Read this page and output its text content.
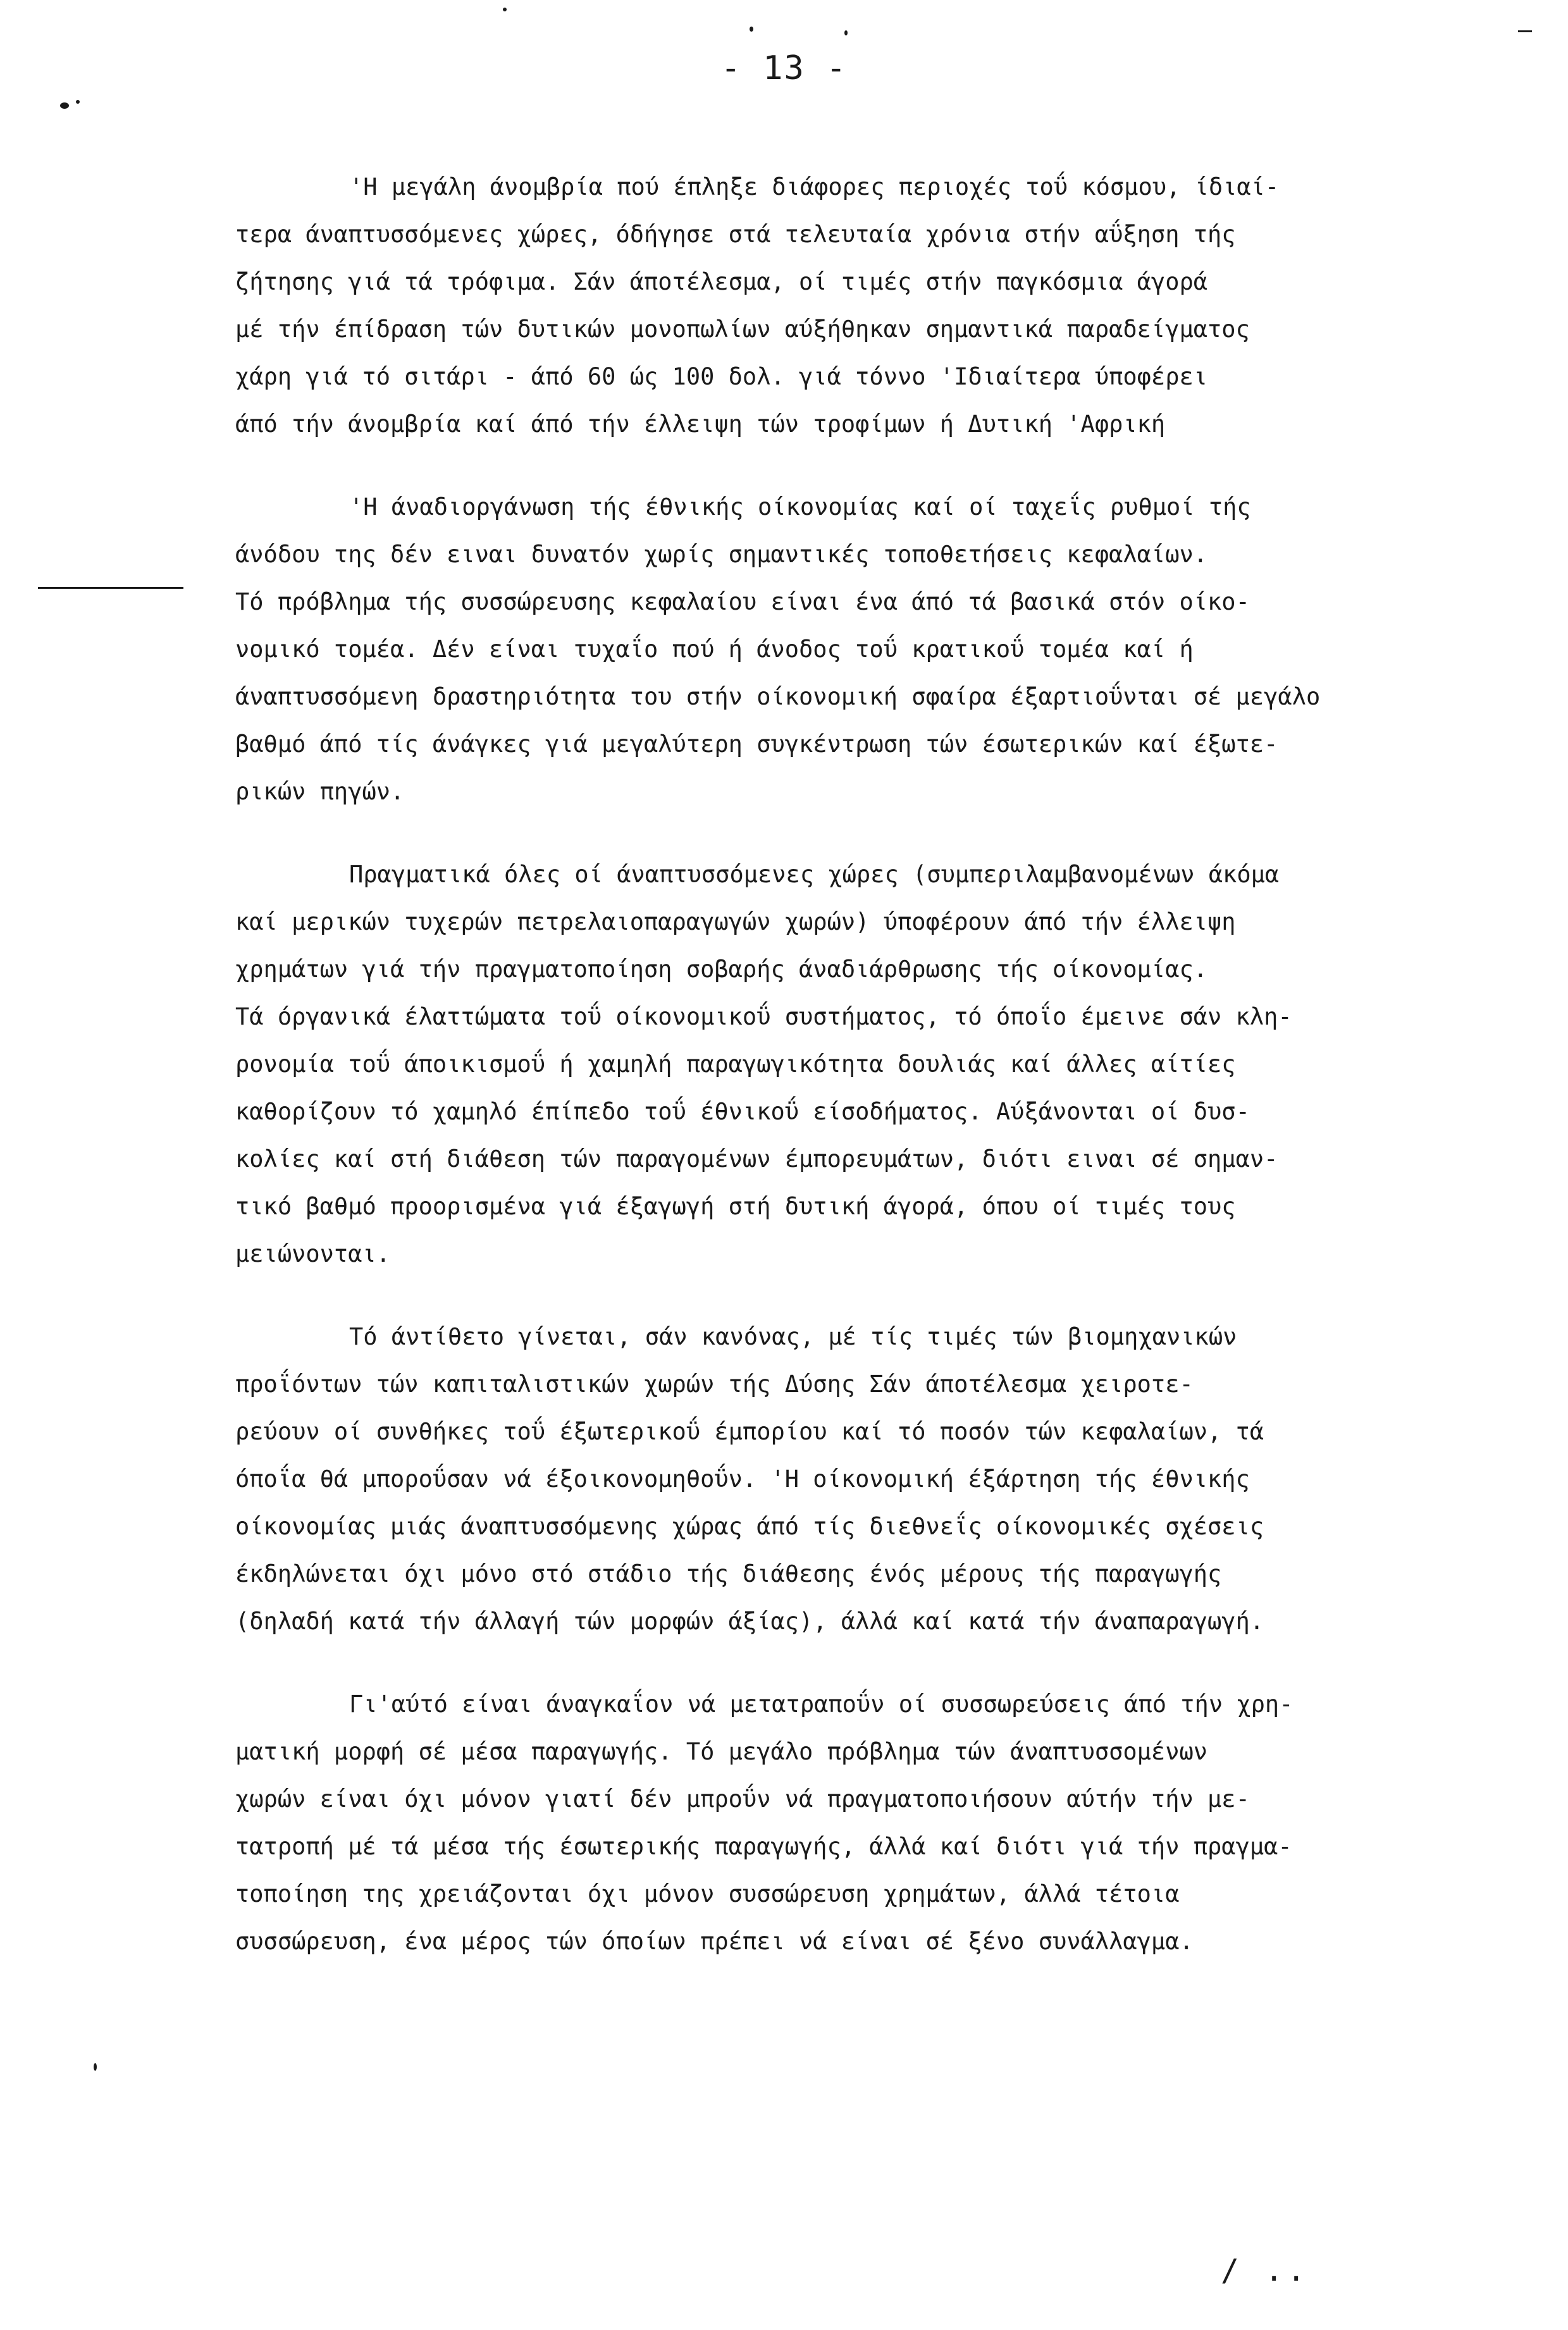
- 13 -
'Η μεγάλη άνομβρία πού έπληξε διάφορες περιοχές τοΰ κόσμου, ίδιαί-
τερα άναπτυσσόμενες χώρες, όδήγησε στά τελευταία χρόνια στήν αΰξηση τής
ζήτησης γιά τά τρόφιμα. Σάν άποτέλεσμα, οί τιμές στήν παγκόσμια άγορά
μέ τήν έπίδραση τών δυτικών μονοπωλίων αύξήθηκαν σημαντικά παραδείγματος
χάρη γιά τό σιτάρι - άπό 60 ώς 100 δολ. γιά τόννο 'Ιδιαίτερα ύποφέρει
άπό τήν άνομβρία καί άπό τήν έλλειψη τών τροφίμων ή Δυτική 'Αφρική
'Η άναδιοργάνωση τής έθνικής οίκονομίας καί οί ταχεΐς ρυθμοί τής
άνόδου της δέν ειναι δυνατόν χωρίς σημαντικές τοποθετήσεις κεφαλαίων.
Τό πρόβλημα τής συσσώρευσης κεφαλαίου είναι ένα άπό τά βασικά στόν οίκο-
νομικό τομέα. Δέν είναι τυχαΐο πού ή άνοδος τοΰ κρατικοΰ τομέα καί ή
άναπτυσσόμενη δραστηριότητα του στήν οίκονομική σφαίρα έξαρτιοΰνται σέ μεγάλο
βαθμό άπό τίς άνάγκες γιά μεγαλύτερη συγκέντρωση τών έσωτερικών καί έξωτε-
ρικών πηγών.
Πραγματικά όλες οί άναπτυσσόμενες χώρες (συμπεριλαμβανομένων άκόμα
καί μερικών τυχερών πετρελαιοπαραγωγών χωρών) ύποφέρουν άπό τήν έλλειψη
χρημάτων γιά τήν πραγματοποίηση σοβαρής άναδιάρθρωσης τής οίκονομίας.
Τά όργανικά έλαττώματα τοΰ οίκονομικοΰ συστήματος, τό όποΐο έμεινε σάν κλη-
ρονομία τοΰ άποικισμοΰ ή χαμηλή παραγωγικότητα δουλιάς καί άλλες αίτίες
καθορίζουν τό χαμηλό έπίπεδο τοΰ έθνικοΰ είσοδήματος. Αύξάνονται οί δυσ-
κολίες καί στή διάθεση τών παραγομένων έμπορευμάτων, διότι ειναι σέ σημαν-
τικό βαθμό προορισμένα γιά έξαγωγή στή δυτική άγορά, όπου οί τιμές τους
μειώνονται.
Τό άντίθετο γίνεται, σάν κανόνας, μέ τίς τιμές τών βιομηχανικών
προΐόντων τών καπιταλιστικών χωρών τής Δύσης Σάν άποτέλεσμα χειροτε-
ρεύουν οί συνθήκες τοΰ έξωτερικοΰ έμπορίου καί τό ποσόν τών κεφαλαίων, τά
όποΐα θά μποροΰσαν νά έξοικονομηθοΰν. 'Η οίκονομική έξάρτηση τής έθνικής
οίκονομίας μιάς άναπτυσσόμενης χώρας άπό τίς διεθνεΐς οίκονομικές σχέσεις
έκδηλώνεται όχι μόνο στό στάδιο τής διάθεσης ένός μέρους τής παραγωγής
(δηλαδή κατά τήν άλλαγή τών μορφών άξίας), άλλά καί κατά τήν άναπαραγωγή.
Γι'αύτό είναι άναγκαΐον νά μετατραποΰν οί συσσωρεύσεις άπό τήν χρη-
ματική μορφή σέ μέσα παραγωγής. Τό μεγάλο πρόβλημα τών άναπτυσσομένων
χωρών είναι όχι μόνον γιατί δέν μπροΰν νά πραγματοποιήσουν αύτήν τήν με-
τατροπή μέ τά μέσα τής έσωτερικής παραγωγής, άλλά καί διότι γιά τήν πραγμα-
τοποίηση της χρειάζονται όχι μόνον συσσώρευση χρημάτων, άλλά τέτοια
συσσώρευση, ένα μέρος τών όποίων πρέπει νά είναι σέ ξένο συνάλλαγμα.
/ ..
